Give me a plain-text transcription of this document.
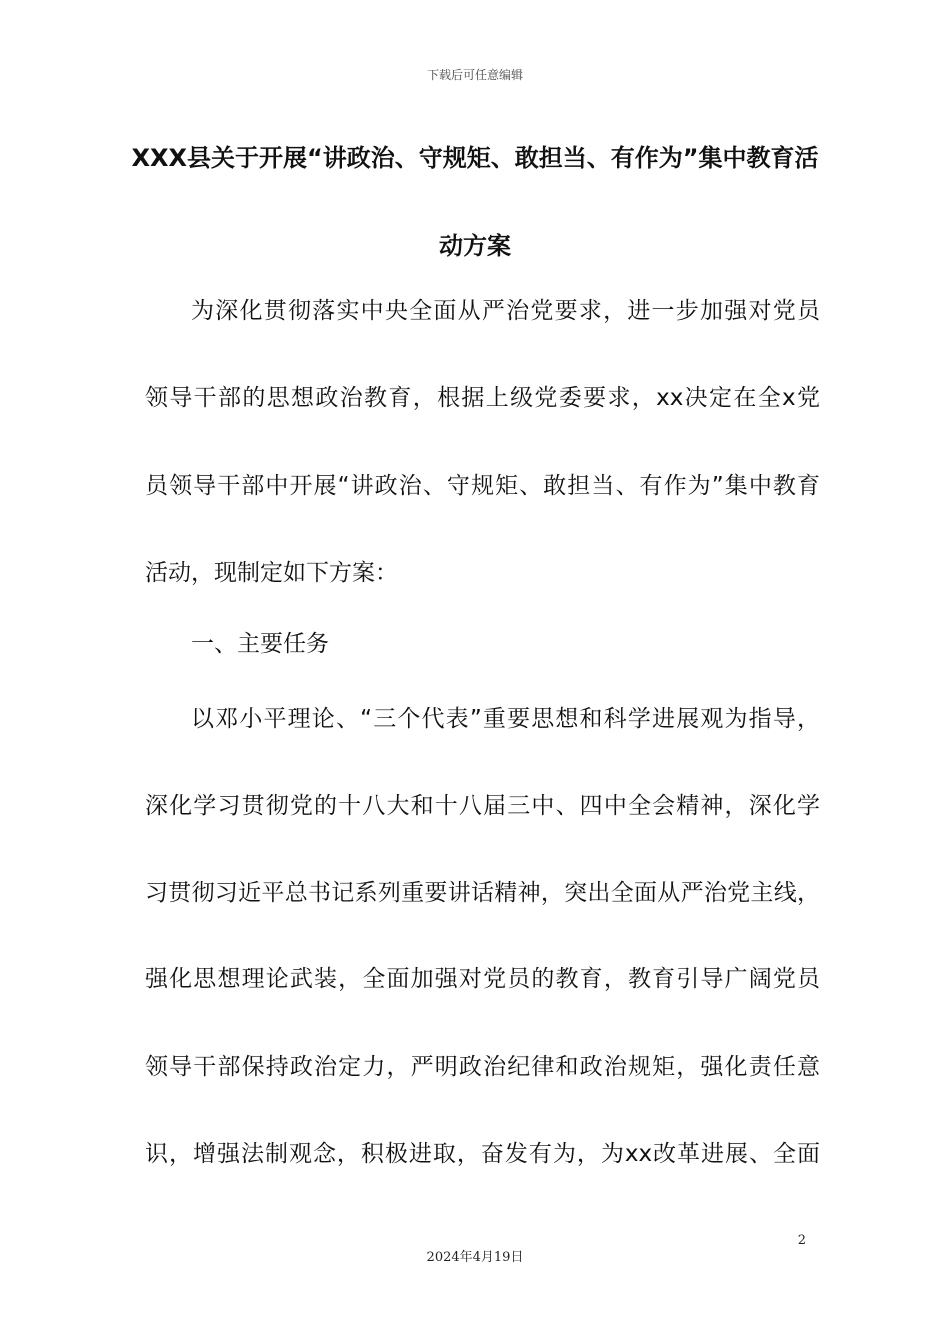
下载后可任意编辑
XXX县关于开展“讲政治、守规矩、敢担当、有作为”集中教育活
动方案
为深化贯彻落实中央全面从严治党要求，进一步加强对党员
领导干部的思想政治教育，根据上级党委要求，xx决定在全x党
员领导干部中开展“讲政治、守规矩、敢担当、有作为”集中教育
活动，现制定如下方案：
一、主要任务
以邓小平理论、“三个代表”重要思想和科学进展观为指导，
深化学习贯彻党的十八大和十八届三中、四中全会精神，深化学
习贯彻习近平总书记系列重要讲话精神，突出全面从严治党主线，
强化思想理论武装，全面加强对党员的教育，教育引导广阔党员
领导干部保持政治定力，严明政治纪律和政治规矩，强化责任意
识，增强法制观念，积极进取，奋发有为，为xx改革进展、全面
2
2024年4月19日
